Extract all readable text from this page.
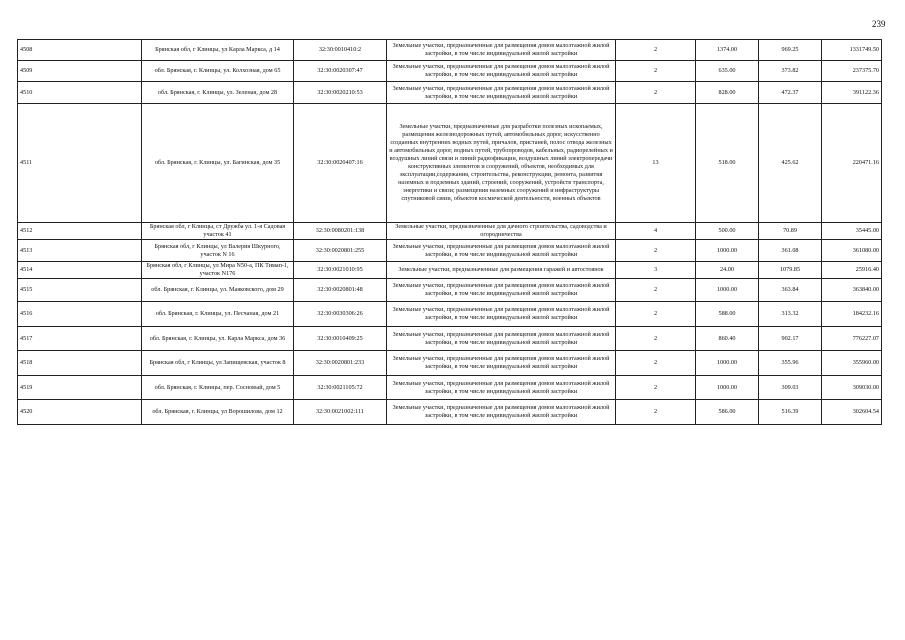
239
4508	Брянская обл, г Клинцы, ул Карла Маркса, д 14	32:30:0010410:2	Земельные участки, предназначенные для размещения домов малоэтажной жилой застройки, в том числе индивидуальной жилой застройки	2	1374.00	969.25	1331749.50
4509	обл. Брянская, г. Клинцы, ул. Колхозная, дом 65	32:30:0020307:47	Земельные участки, предназначенные для размещения домов малоэтажной жилой застройки, в том числе индивидуальной жилой застройки	2	635.00	373.82	237375.70
4510	обл. Брянская, г. Клинцы, ул. Зеленая, дом 28	32:30:0020210:53	Земельные участки, предназначенные для размещения домов малоэтажной жилой застройки, в том числе индивидуальной жилой застройки	2	828.00	472.37	391122.36
4511	обл. Брянская, г. Клинцы, ул. Багинская, дом 35	32:30:0020407:16	Земельные участки, предназначенные для разработки полезных ископаемых, размещения железнодорожных путей, автомобильных дорог, искусственно созданных внутренних водных путей, причалов, пристаней, полос отвода железных и автомобильных дорог, водных путей, трубопроводов, кабельных, радиорелейных и воздушных линий связи и линий радиофикации, воздушных линий электропередачи конструктивных элементов и сооружений, объектов, необходимых для эксплуатации,содержания, строительства, реконструкции, ремонта, развития наземных и подземных зданий, строений, сооружений, устройств транспорта, энергетики и связи; размещения наземных сооружений и инфраструктуры спутниковой связи, объектов космической деятельности, военных объектов	13	518.00	425.62	220471.16
4512	Брянская обл, г Клинцы, ст Дружба ул. 1-я Садовая участок 41	32:30:0080201:138	Земельные участки, предназначенные для дачного строительства, садоводства и огородничества	4	500.00	70.89	35445.00
4513	Брянская обл, г Клинцы, ул Валерия Шкурного, участок N 16	32:30:0020801:255	Земельные участки, предназначенные для размещения домов малоэтажной жилой застройки, в том числе индивидуальной жилой застройки	2	1000.00	361.08	361080.00
4514	Брянская обл, г Клинцы, ул Мира N50-а, ПК Тимап-1, участок N176	32:30:0021010:95	Земельные участки, предназначенные для размещения гаражей и автостоянок	3	24.00	1079.85	25916.40
4515	обл. Брянская, г. Клинцы, ул. Маяковского, дом 29	32:30:0020801:48	Земельные участки, предназначенные для размещения домов малоэтажной жилой застройки, в том числе индивидуальной жилой застройки	2	1000.00	363.84	363840.00
4516	обл. Брянская, г. Клинцы, ул. Песчаная, дом 21	32:30:0030306:26	Земельные участки, предназначенные для размещения домов малоэтажной жилой застройки, в том числе индивидуальной жилой застройки	2	588.00	313.32	184232.16
4517	обл. Брянская, г. Клинцы, ул. Карла Маркса, дом 36	32:30:0010409:25	Земельные участки, предназначенные для размещения домов малоэтажной жилой застройки, в том числе индивидуальной жилой застройки	2	860.40	902.17	776227.07
4518	Брянская обл, г Клинцы, ул Запищевская, участок 8	32:30:0020801:233	Земельные участки, предназначенные для размещения домов малоэтажной жилой застройки, в том числе индивидуальной жилой застройки	2	1000.00	355.96	355960.00
4519	обл. Брянская, г. Клинцы, пер. Сосновый, дом 5	32:30:0021105:72	Земельные участки, предназначенные для размещения домов малоэтажной жилой застройки, в том числе индивидуальной жилой застройки	2	1000.00	309.03	309030.00
4520	обл. Брянская, г. Клинцы, ул Ворошилова, дом 12	32:30:0021002:111	Земельные участки, предназначенные для размещения домов малоэтажной жилой застройки, в том числе индивидуальной жилой застройки	2	586.00	516.39	302604.54
